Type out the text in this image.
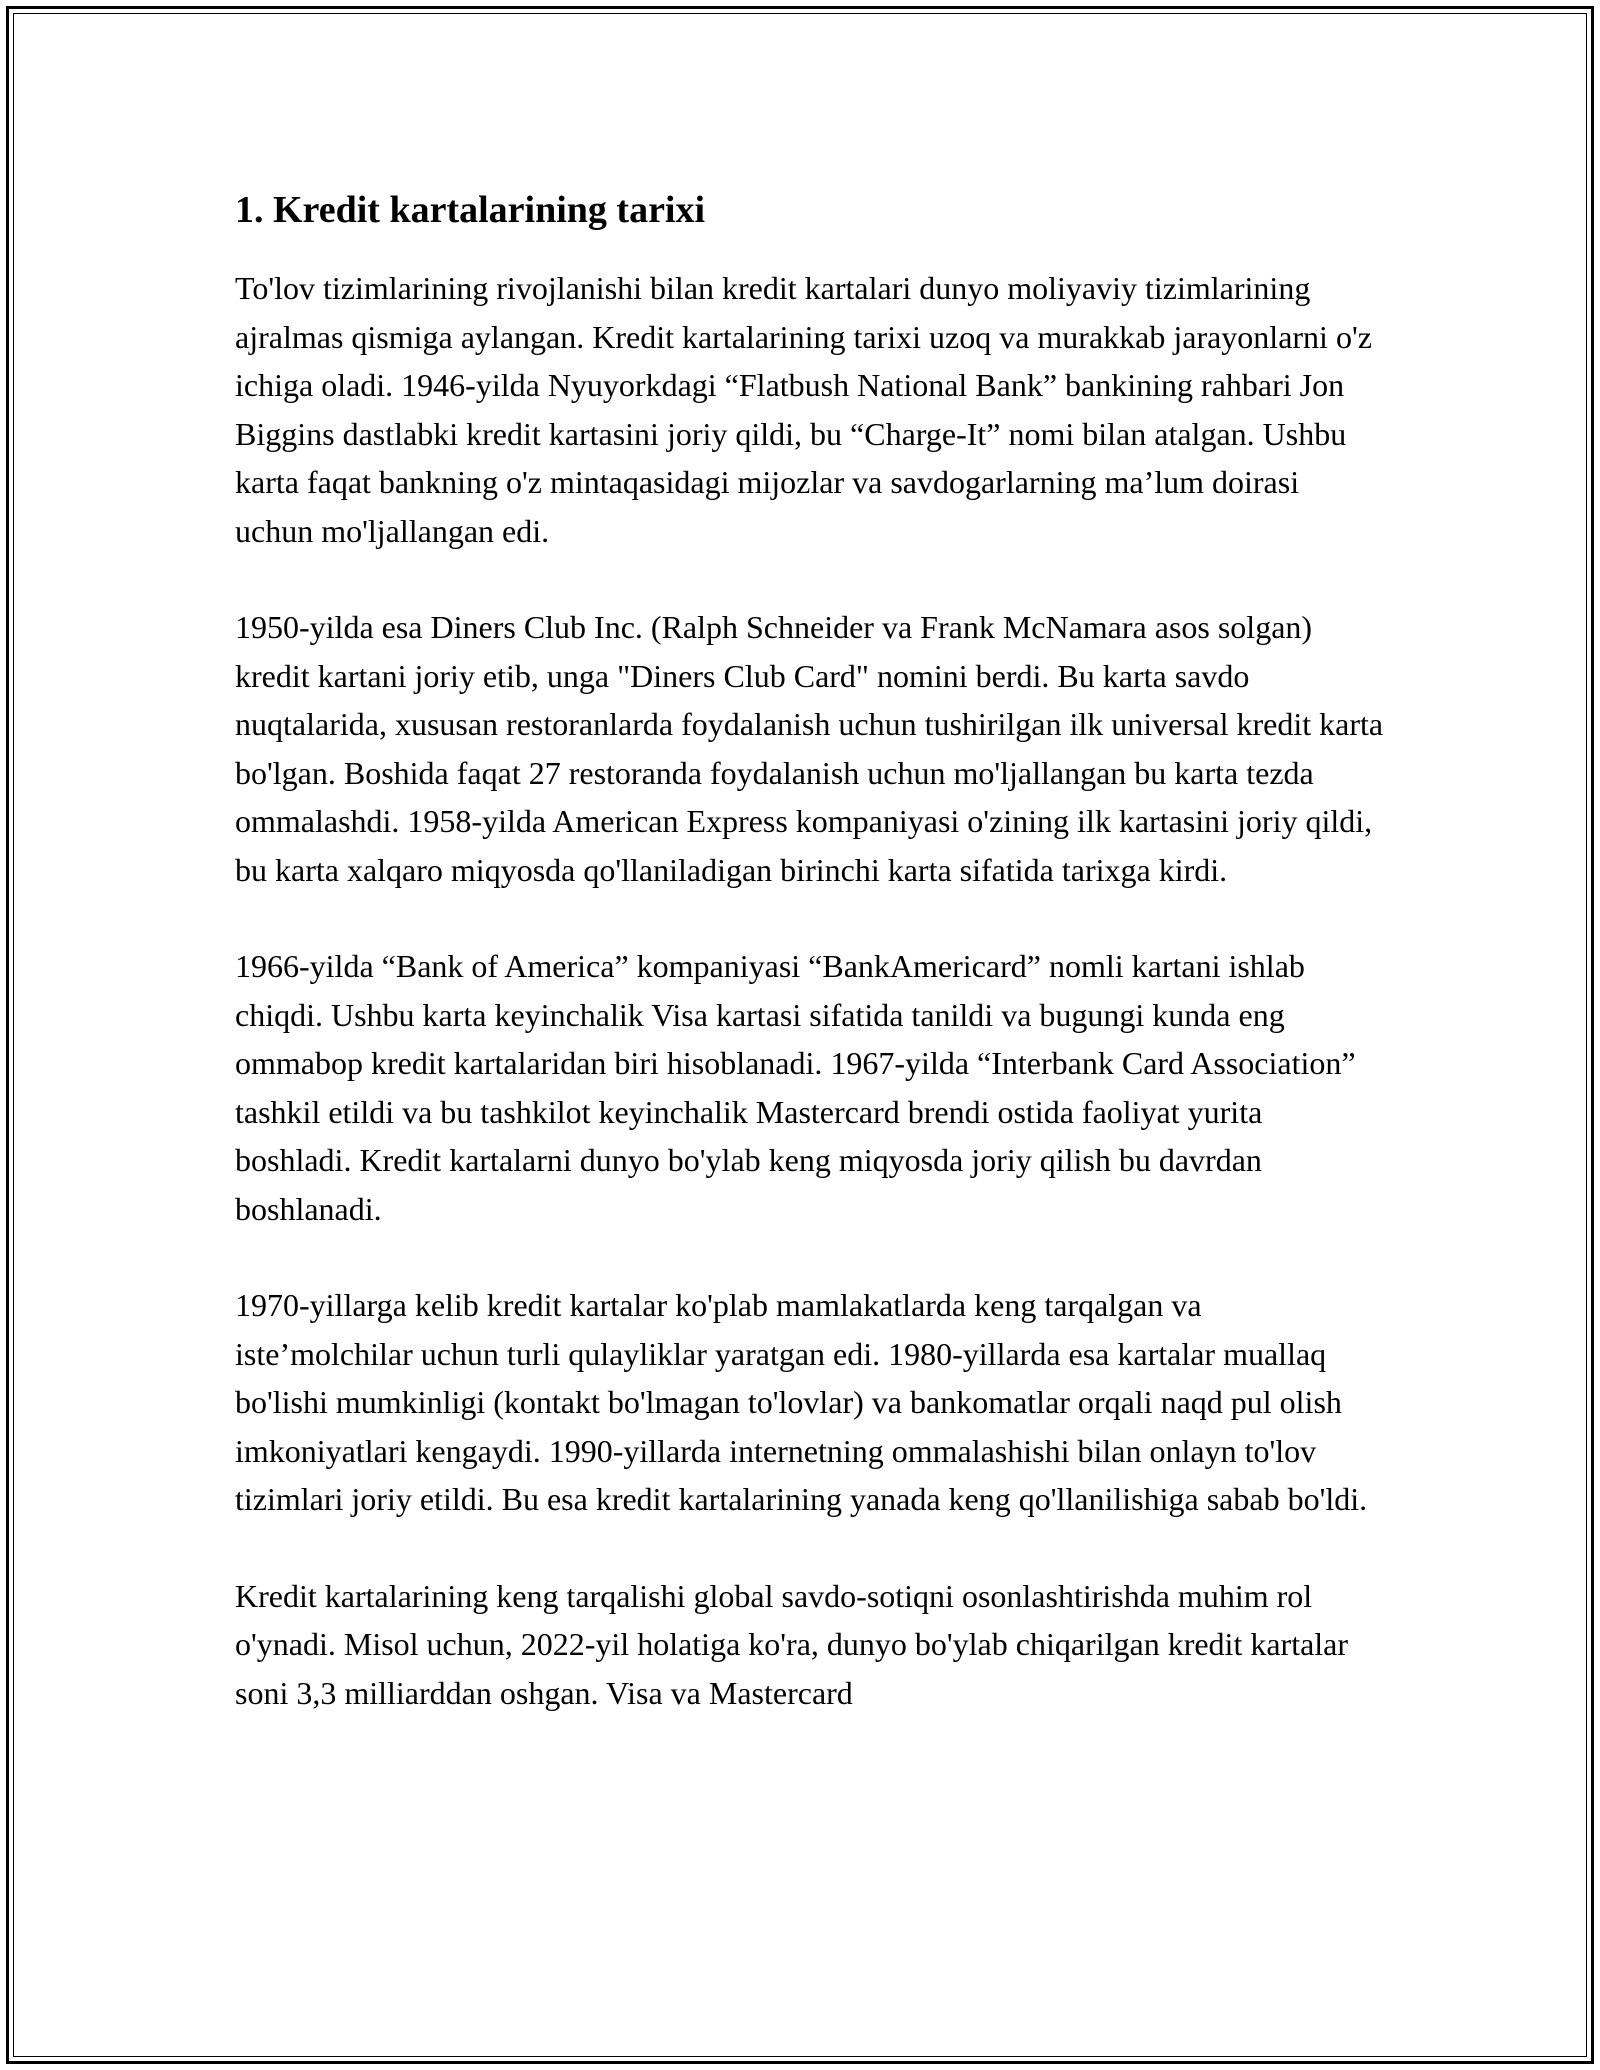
1. Kredit kartalarining tarixi

To'lov tizimlarining rivojlanishi bilan kredit kartalari dunyo moliyaviy tizimlarining ajralmas qismiga aylangan. Kredit kartalarining tarixi uzoq va murakkab jarayonlarni o'z ichiga oladi. 1946-yilda Nyuyorkdagi “Flatbush National Bank” bankining rahbari Jon Biggins dastlabki kredit kartasini joriy qildi, bu “Charge-It” nomi bilan atalgan. Ushbu karta faqat bankning o'z mintaqasidagi mijozlar va savdogarlarning ma’lum doirasi uchun mo'ljallangan edi.

1950-yilda esa Diners Club Inc. (Ralph Schneider va Frank McNamara asos solgan) kredit kartani joriy etib, unga "Diners Club Card" nomini berdi. Bu karta savdo nuqtalarida, xususan restoranlarda foydalanish uchun tushirilgan ilk universal kredit karta bo'lgan. Boshida faqat 27 restoranda foydalanish uchun mo'ljallangan bu karta tezda ommalashdi. 1958-yilda American Express kompaniyasi o'zining ilk kartasini joriy qildi, bu karta xalqaro miqyosda qo'llaniladigan birinchi karta sifatida tarixga kirdi.

1966-yilda “Bank of America” kompaniyasi “BankAmericard” nomli kartani ishlab chiqdi. Ushbu karta keyinchalik Visa kartasi sifatida tanildi va bugungi kunda eng ommabop kredit kartalaridan biri hisoblanadi. 1967-yilda “Interbank Card Association” tashkil etildi va bu tashkilot keyinchalik Mastercard brendi ostida faoliyat yurita boshladi. Kredit kartalarni dunyo bo'ylab keng miqyosda joriy qilish bu davrdan boshlanadi.

1970-yillarga kelib kredit kartalar ko'plab mamlakatlarda keng tarqalgan va iste’molchilar uchun turli qulayliklar yaratgan edi. 1980-yillarda esa kartalar muallaq bo'lishi mumkinligi (kontakt bo'lmagan to'lovlar) va bankomatlar orqali naqd pul olish imkoniyatlari kengaydi. 1990-yillarda internetning ommalashishi bilan onlayn to'lov tizimlari joriy etildi. Bu esa kredit kartalarining yanada keng qo'llanilishiga sabab bo'ldi.

Kredit kartalarining keng tarqalishi global savdo-sotiqni osonlashtirishda muhim rol o'ynadi. Misol uchun, 2022-yil holatiga ko'ra, dunyo bo'ylab chiqarilgan kredit kartalar soni 3,3 milliarddan oshgan. Visa va Mastercard
